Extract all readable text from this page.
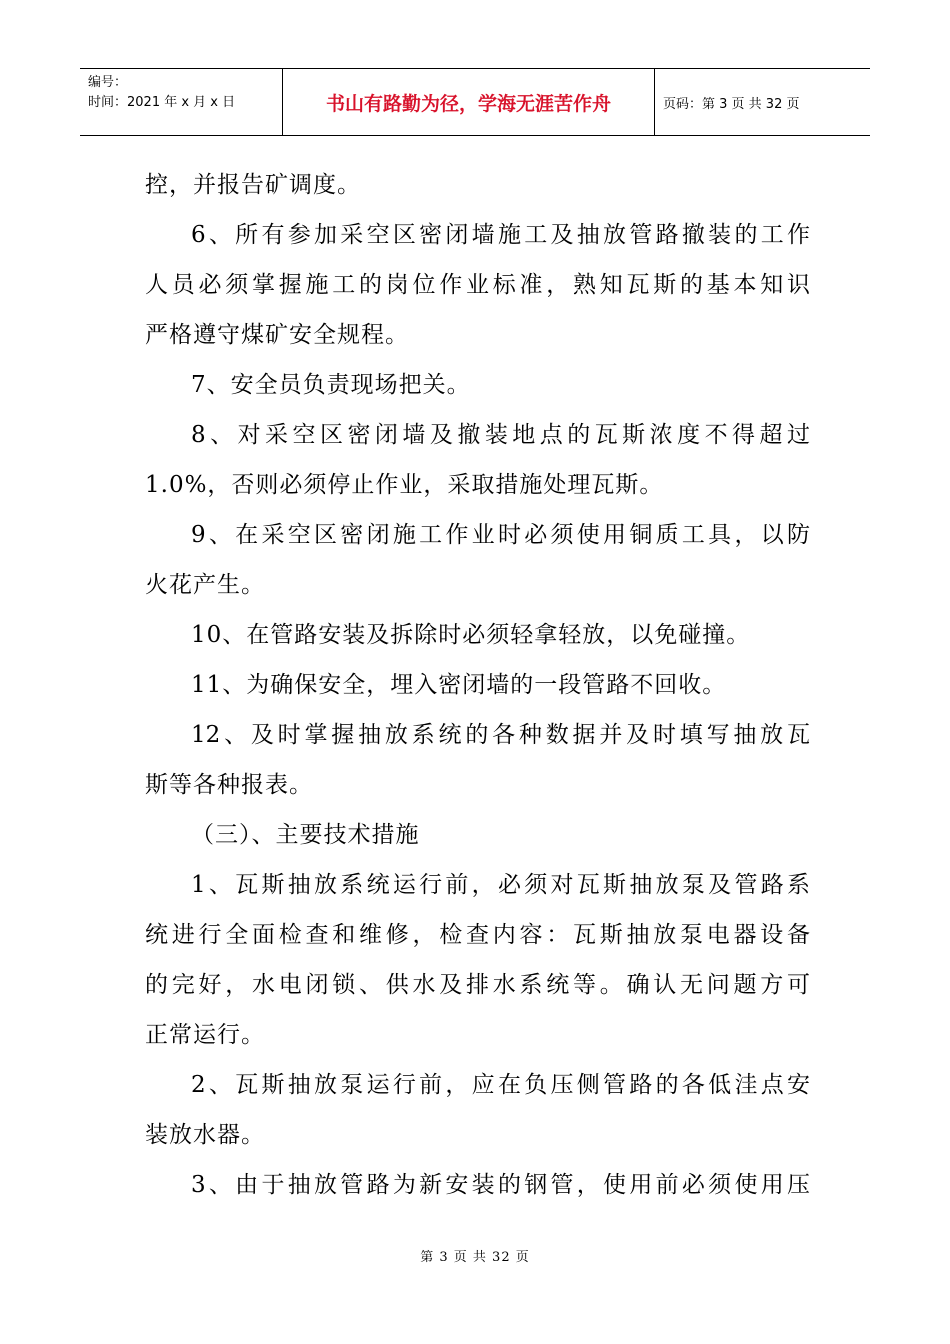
编号：
时间：2021 年 x 月 x 日	书山有路勤为径，学海无涯苦作舟	页码：第 3 页 共 32 页
控，并报告矿调度。
6、所有参加采空区密闭墙施工及抽放管路撤装的工作
人员必须掌握施工的岗位作业标准，熟知瓦斯的基本知识
严格遵守煤矿安全规程。
7、安全员负责现场把关。
8、对采空区密闭墙及撤装地点的瓦斯浓度不得超过
1.0%，否则必须停止作业，采取措施处理瓦斯。
9、在采空区密闭施工作业时必须使用铜质工具，以防
火花产生。
10、在管路安装及拆除时必须轻拿轻放，以免碰撞。
11、为确保安全，埋入密闭墙的一段管路不回收。
12、及时掌握抽放系统的各种数据并及时填写抽放瓦
斯等各种报表。
（三）、主要技术措施
1、瓦斯抽放系统运行前，必须对瓦斯抽放泵及管路系
统进行全面检查和维修，检查内容：瓦斯抽放泵电器设备
的完好，水电闭锁、供水及排水系统等。确认无问题方可
正常运行。
2、瓦斯抽放泵运行前，应在负压侧管路的各低洼点安
装放水器。
3、由于抽放管路为新安装的钢管，使用前必须使用压
第 3 页 共 32 页
